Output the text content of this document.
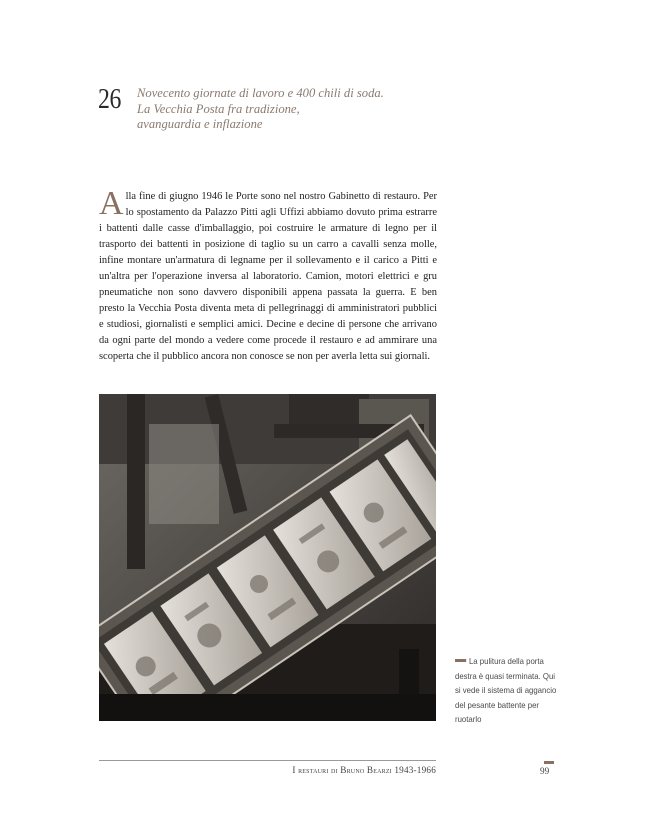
26 Novecento giornate di lavoro e 400 chili di soda.
La Vecchia Posta fra tradizione,
avanguardia e inflazione
A lla fine di giugno 1946 le Porte sono nel nostro Gabinetto di restauro. Per lo spostamento da Palazzo Pitti agli Uffizi abbiamo dovuto prima estrarre i battenti dalle casse d'imballaggio, poi costruire le armature di legno per il trasporto dei battenti in posizione di taglio su un carro a cavalli senza molle, infine montare un'armatura di legname per il sollevamento e il carico a Pitti e un'altra per l'operazione inversa al laboratorio. Camion, motori elettrici e gru pneumatiche non sono davvero disponibili appena passata la guerra. E ben presto la Vecchia Posta diventa meta di pellegrinaggi di amministratori pubblici e studiosi, giornalisti e semplici amici. Decine e decine di persone che arrivano da ogni parte del mondo a vedere come procede il restauro e ad ammirare una scoperta che il pubblico ancora non conosce se non per averla letta sui giornali.
La pulitura della porta destra è quasi terminata. Qui si vede il sistema di aggancio del pesante battente per ruotarlo
I restauri di Bruno Bearzi 1943-1966	99
